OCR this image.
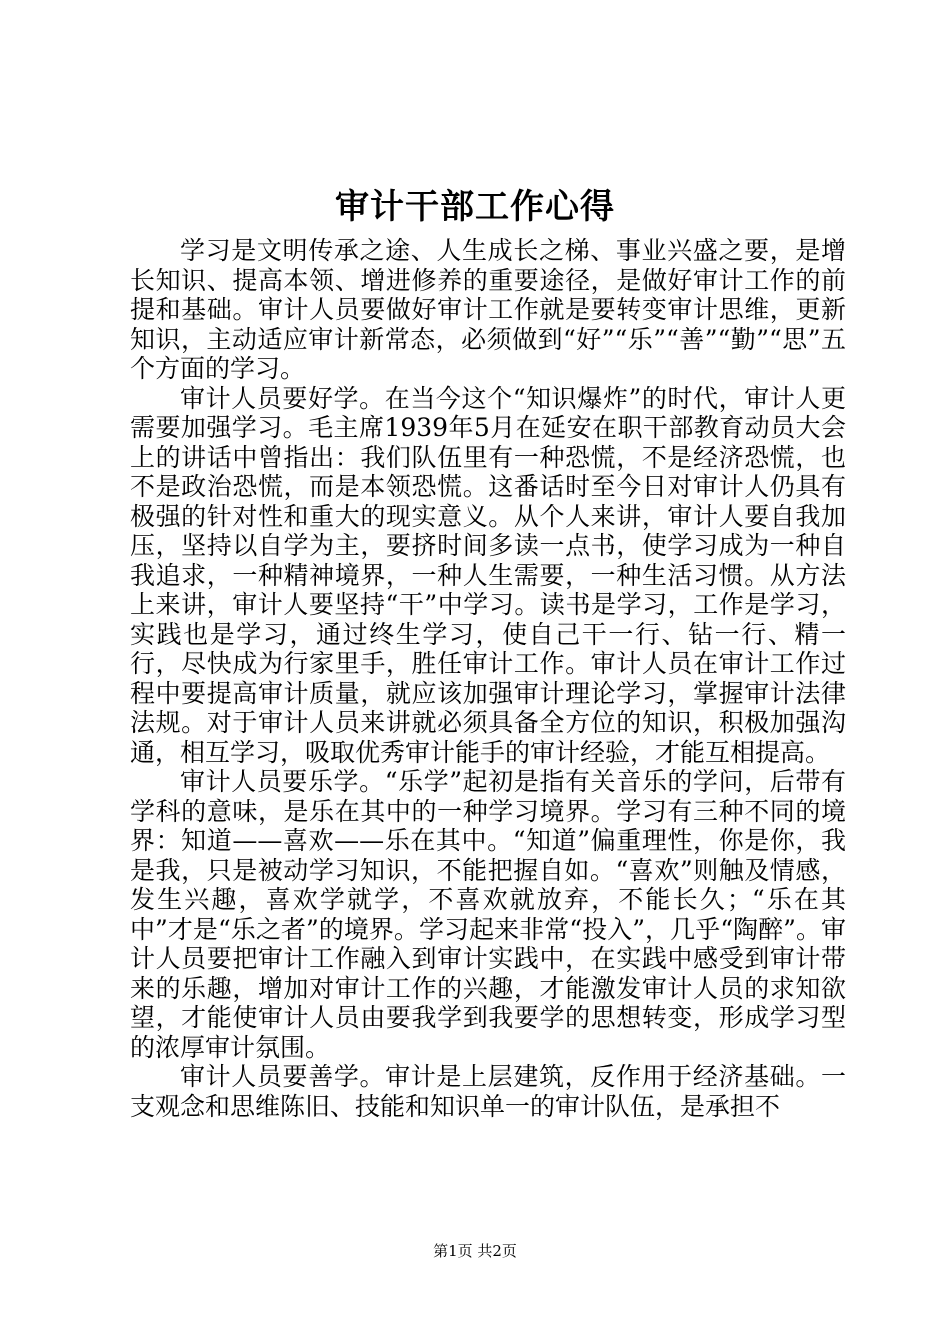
审计干部工作心得

学习是文明传承之途、人生成长之梯、事业兴盛之要，是增长知识、提高本领、增进修养的重要途径，是做好审计工作的前提和基础。审计人员要做好审计工作就是要转变审计思维，更新知识，主动适应审计新常态，必须做到“好”“乐”“善”“勤”“思”五个方面的学习。

审计人员要好学。在当今这个“知识爆炸”的时代，审计人更需要加强学习。毛主席1939年5月在延安在职干部教育动员大会上的讲话中曾指出：我们队伍里有一种恐慌，不是经济恐慌，也不是政治恐慌，而是本领恐慌。这番话时至今日对审计人仍具有极强的针对性和重大的现实意义。从个人来讲，审计人要自我加压，坚持以自学为主，要挤时间多读一点书，使学习成为一种自我追求，一种精神境界，一种人生需要，一种生活习惯。从方法上来讲，审计人要坚持“干”中学习。读书是学习，工作是学习，实践也是学习，通过终生学习，使自己干一行、钻一行、精一行，尽快成为行家里手，胜任审计工作。审计人员在审计工作过程中要提高审计质量，就应该加强审计理论学习，掌握审计法律法规。对于审计人员来讲就必须具备全方位的知识，积极加强沟通，相互学习，吸取优秀审计能手的审计经验，才能互相提高。

审计人员要乐学。“乐学”起初是指有关音乐的学问，后带有学科的意味，是乐在其中的一种学习境界。学习有三种不同的境界：知道——喜欢——乐在其中。“知道”偏重理性，你是你，我是我，只是被动学习知识，不能把握自如。“喜欢”则触及情感，发生兴趣，喜欢学就学，不喜欢就放弃，不能长久；“乐在其中”才是“乐之者”的境界。学习起来非常“投入”，几乎“陶醉”。审计人员要把审计工作融入到审计实践中，在实践中感受到审计带来的乐趣，增加对审计工作的兴趣，才能激发审计人员的求知欲望，才能使审计人员由要我学到我要学的思想转变，形成学习型的浓厚审计氛围。

审计人员要善学。审计是上层建筑，反作用于经济基础。一支观念和思维陈旧、技能和知识单一的审计队伍，是承担不

第1页 共2页
